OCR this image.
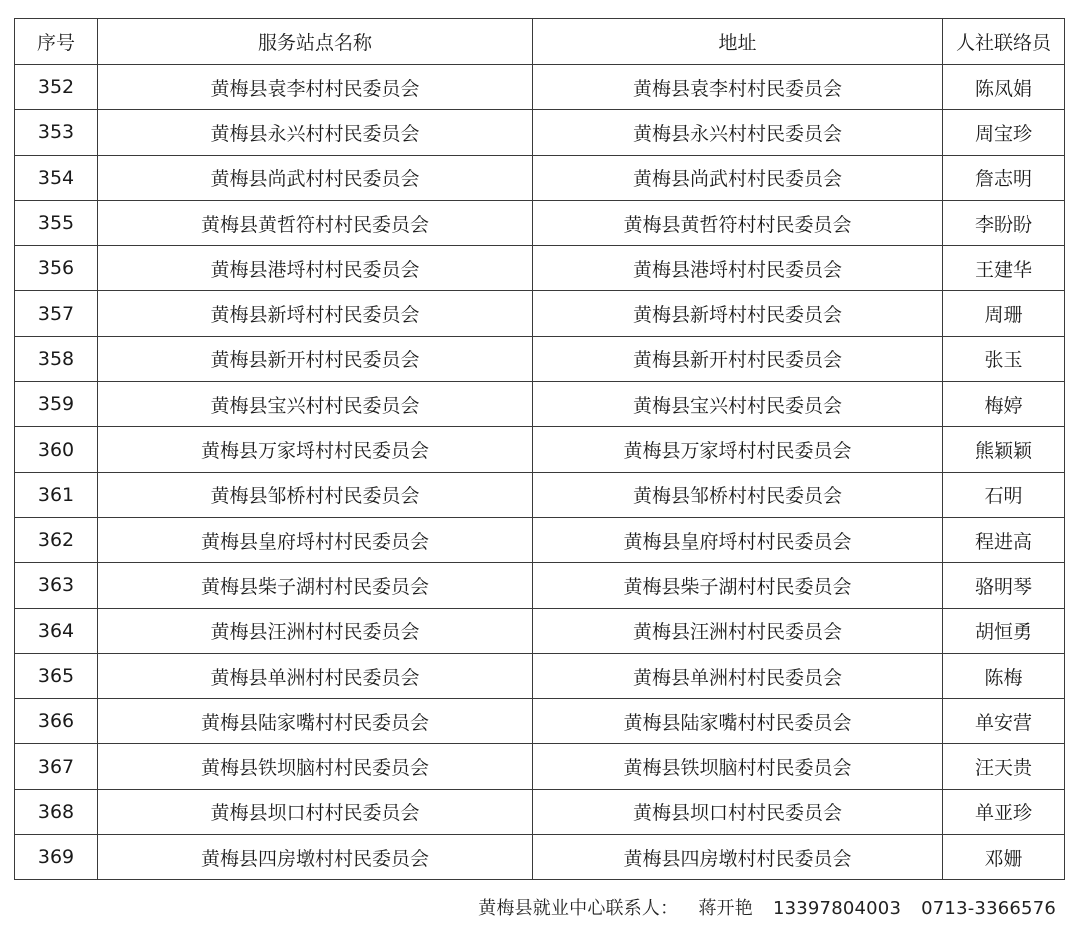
序号	服务站点名称	地址	人社联络员
352	黄梅县袁李村村民委员会	黄梅县袁李村村民委员会	陈凤娟
353	黄梅县永兴村村民委员会	黄梅县永兴村村民委员会	周宝珍
354	黄梅县尚武村村民委员会	黄梅县尚武村村民委员会	詹志明
355	黄梅县黄哲符村村民委员会	黄梅县黄哲符村村民委员会	李盼盼
356	黄梅县港埒村村民委员会	黄梅县港埒村村民委员会	王建华
357	黄梅县新埒村村民委员会	黄梅县新埒村村民委员会	周珊
358	黄梅县新开村村民委员会	黄梅县新开村村民委员会	张玉
359	黄梅县宝兴村村民委员会	黄梅县宝兴村村民委员会	梅婷
360	黄梅县万家埒村村民委员会	黄梅县万家埒村村民委员会	熊颖颖
361	黄梅县邹桥村村民委员会	黄梅县邹桥村村民委员会	石明
362	黄梅县皇府埒村村民委员会	黄梅县皇府埒村村民委员会	程进高
363	黄梅县柴子湖村村民委员会	黄梅县柴子湖村村民委员会	骆明琴
364	黄梅县汪洲村村民委员会	黄梅县汪洲村村民委员会	胡恒勇
365	黄梅县单洲村村民委员会	黄梅县单洲村村民委员会	陈梅
366	黄梅县陆家嘴村村民委员会	黄梅县陆家嘴村村民委员会	单安营
367	黄梅县铁坝脑村村民委员会	黄梅县铁坝脑村村民委员会	汪天贵
368	黄梅县坝口村村民委员会	黄梅县坝口村村民委员会	单亚珍
369	黄梅县四房墩村村民委员会	黄梅县四房墩村村民委员会	邓姗
黄梅县就业中心联系人： 蒋开艳 13397804003 0713-3366576
